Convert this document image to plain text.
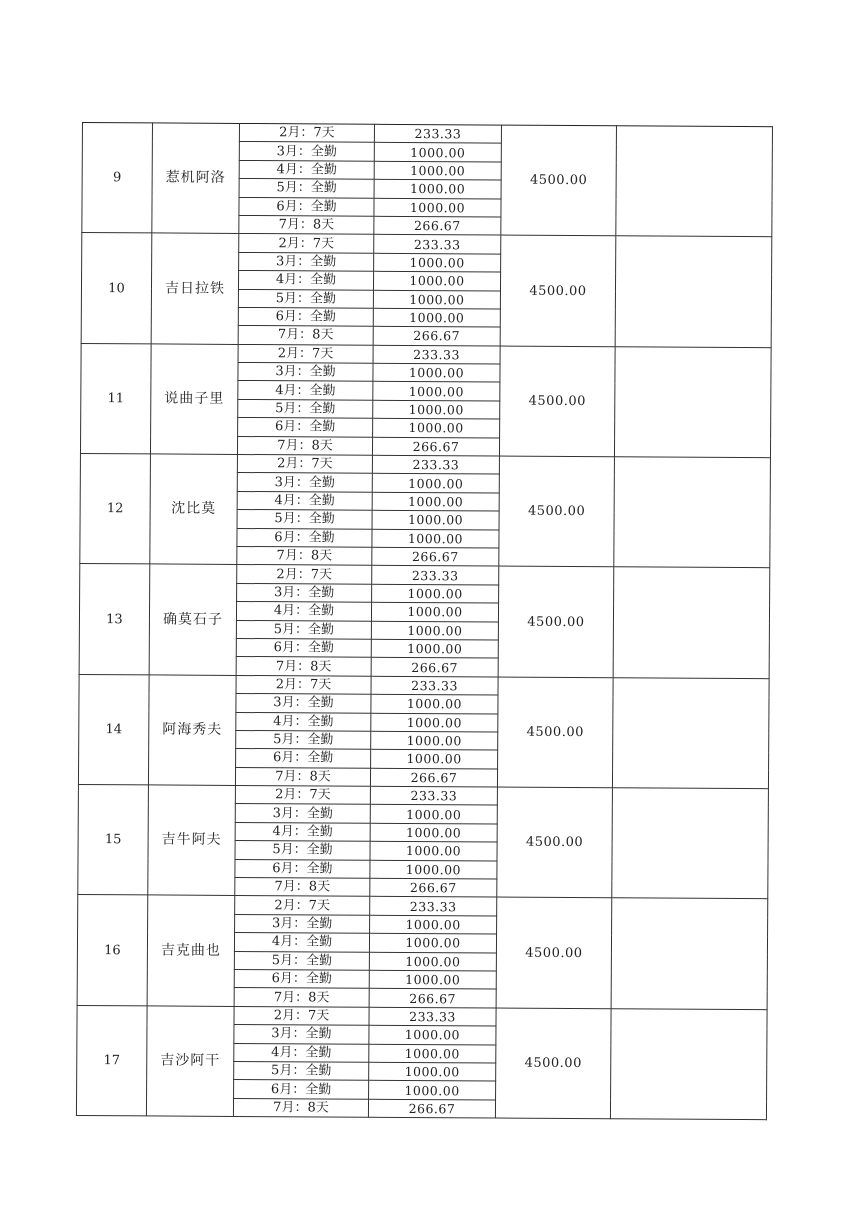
9	惹机阿洛	2月：7天	233.33	4500.00	
		3月：全勤	1000.00		
		4月：全勤	1000.00		
		5月：全勤	1000.00		
		6月：全勤	1000.00		
		7月：8天	266.67		
10	吉日拉铁	2月：7天	233.33	4500.00	
		3月：全勤	1000.00		
		4月：全勤	1000.00		
		5月：全勤	1000.00		
		6月：全勤	1000.00		
		7月：8天	266.67		
11	说曲子里	2月：7天	233.33	4500.00	
		3月：全勤	1000.00		
		4月：全勤	1000.00		
		5月：全勤	1000.00		
		6月：全勤	1000.00		
		7月：8天	266.67		
12	沈比莫	2月：7天	233.33	4500.00	
		3月：全勤	1000.00		
		4月：全勤	1000.00		
		5月：全勤	1000.00		
		6月：全勤	1000.00		
		7月：8天	266.67		
13	确莫石子	2月：7天	233.33	4500.00	
		3月：全勤	1000.00		
		4月：全勤	1000.00		
		5月：全勤	1000.00		
		6月：全勤	1000.00		
		7月：8天	266.67		
14	阿海秀夫	2月：7天	233.33	4500.00	
		3月：全勤	1000.00		
		4月：全勤	1000.00		
		5月：全勤	1000.00		
		6月：全勤	1000.00		
		7月：8天	266.67		
15	吉牛阿夫	2月：7天	233.33	4500.00	
		3月：全勤	1000.00		
		4月：全勤	1000.00		
		5月：全勤	1000.00		
		6月：全勤	1000.00		
		7月：8天	266.67		
16	吉克曲也	2月：7天	233.33	4500.00	
		3月：全勤	1000.00		
		4月：全勤	1000.00		
		5月：全勤	1000.00		
		6月：全勤	1000.00		
		7月：8天	266.67		
17	吉沙阿干	2月：7天	233.33	4500.00	
		3月：全勤	1000.00		
		4月：全勤	1000.00		
		5月：全勤	1000.00		
		6月：全勤	1000.00		
		7月：8天	266.67		
